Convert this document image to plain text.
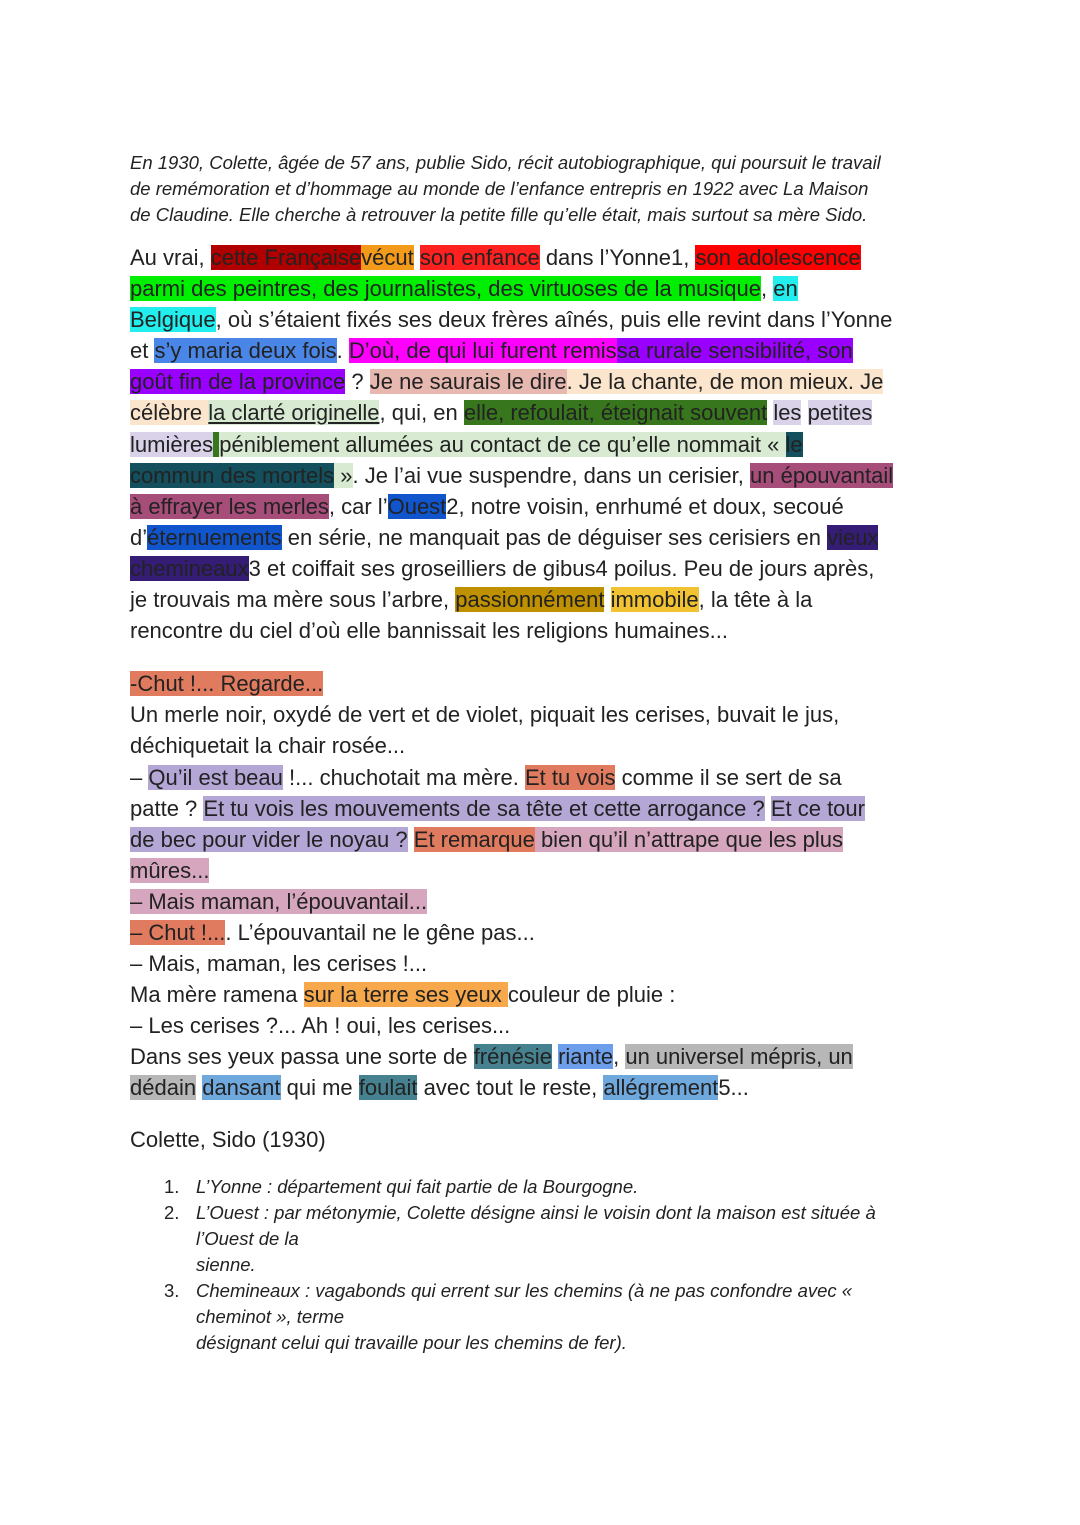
En 1930, Colette, âgée de 57 ans, publie Sido, récit autobiographique, qui poursuit le travail
de remémoration et d’hommage au monde de l’enfance entrepris en 1922 avec La Maison
de Claudine. Elle cherche à retrouver la petite fille qu’elle était, mais surtout sa mère Sido.
Au vrai, cette Françaisevécut son enfance dans l’Yonne1, son adolescence
parmi des peintres, des journalistes, des virtuoses de la musique, en
Belgique, où s’étaient fixés ses deux frères aînés, puis elle revint dans l’Yonne
et s’y maria deux fois. D’où, de qui lui furent remissa rurale sensibilité, son
goût fin de la province ? Je ne saurais le dire. Je la chante, de mon mieux. Je
célèbre la clarté originelle, qui, en elle, refoulait, éteignait souvent les petites
lumières péniblement allumées au contact de ce qu’elle nommait « le
commun des mortels ». Je l’ai vue suspendre, dans un cerisier, un épouvantail
à effrayer les merles, car l’Ouest2, notre voisin, enrhumé et doux, secoué
d’éternuements en série, ne manquait pas de déguiser ses cerisiers en vieux
chemineaux3 et coiffait ses groseilliers de gibus4 poilus. Peu de jours après,
je trouvais ma mère sous l’arbre, passionnément immobile, la tête à la
rencontre du ciel d’où elle bannissait les religions humaines...
-Chut !... Regarde...
Un merle noir, oxydé de vert et de violet, piquait les cerises, buvait le jus,
déchiquetait la chair rosée...
– Qu’il est beau !... chuchotait ma mère. Et tu vois comme il se sert de sa
patte ? Et tu vois les mouvements de sa tête et cette arrogance ? Et ce tour
de bec pour vider le noyau ? Et remarque bien qu’il n’attrape que les plus
mûres...
– Mais maman, l’épouvantail...
– Chut !.... L’épouvantail ne le gêne pas...
– Mais, maman, les cerises !...
Ma mère ramena sur la terre ses yeux couleur de pluie :
– Les cerises ?... Ah ! oui, les cerises...
Dans ses yeux passa une sorte de frénésie riante, un universel mépris, un
dédain dansant qui me foulait avec tout le reste, allégrement5...
Colette, Sido (1930)
1. L’Yonne : département qui fait partie de la Bourgogne.
2. L’Ouest : par métonymie, Colette désigne ainsi le voisin dont la maison est située à
l’Ouest de la
sienne.
3. Chemineaux : vagabonds qui errent sur les chemins (à ne pas confondre avec «
cheminot », terme
désignant celui qui travaille pour les chemins de fer).
